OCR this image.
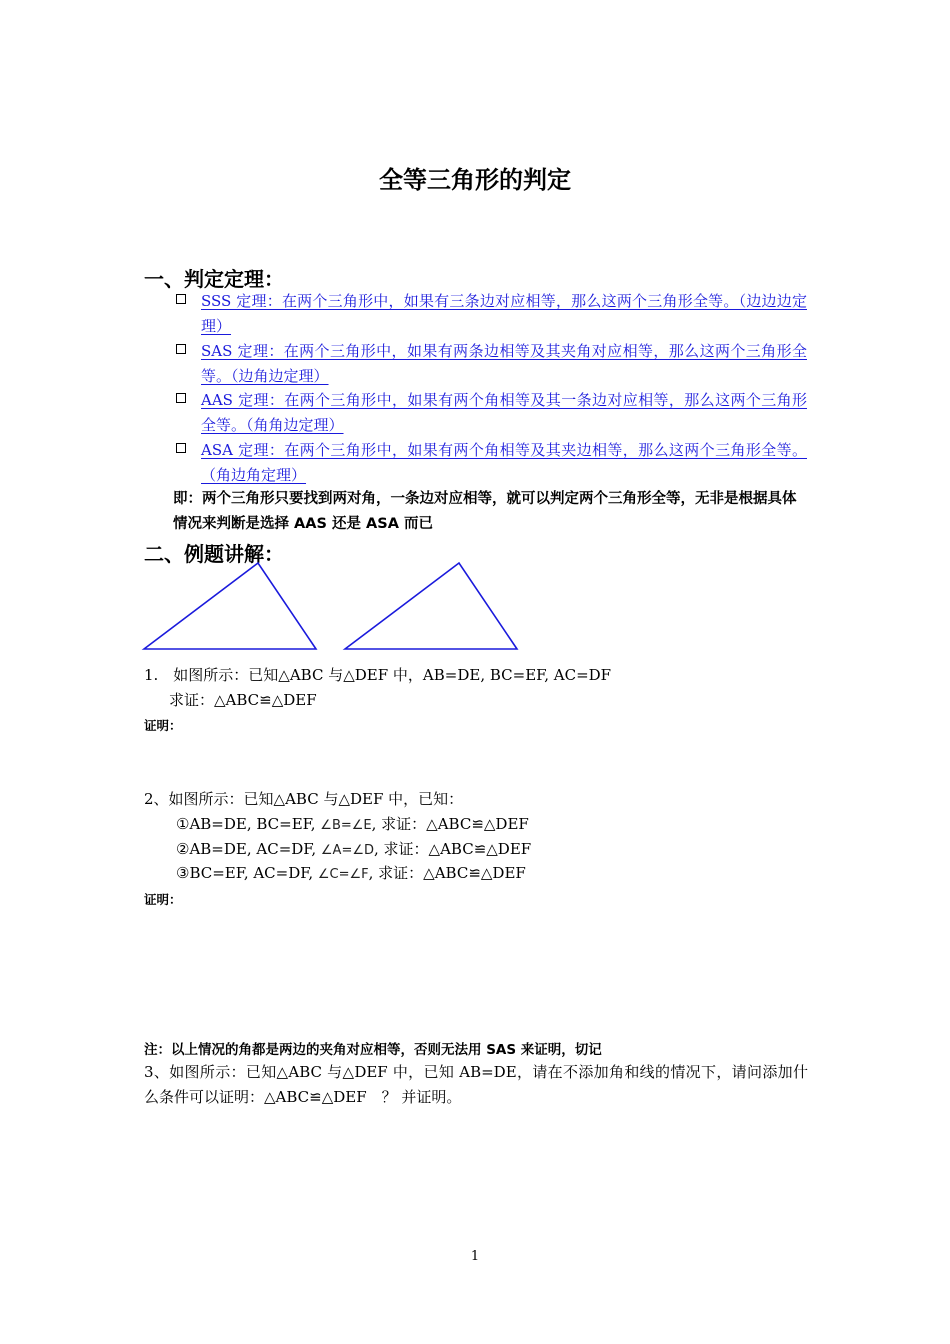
全等三角形的判定
一、判定定理：
SSS 定理：在两个三角形中，如果有三条边对应相等，那么这两个三角形全等。（边边边定理）
SAS 定理：在两个三角形中，如果有两条边相等及其夹角对应相等，那么这两个三角形全等。（边角边定理）
AAS 定理：在两个三角形中，如果有两个角相等及其一条边对应相等，那么这两个三角形全等。（角角边定理）
ASA 定理：在两个三角形中，如果有两个角相等及其夹边相等，那么这两个三角形全等。（角边角定理）
即：两个三角形只要找到两对角，一条边对应相等，就可以判定两个三角形全等，无非是根据具体情况来判断是选择 AAS 还是 ASA 而已
二、例题讲解：
1.　如图所示：已知△ABC 与△DEF 中，AB=DE, BC=EF, AC=DF
求证：△ABC≌△DEF
证明：
2、如图所示：已知△ABC 与△DEF 中，已知：
①AB=DE, BC=EF, ∠B=∠E, 求证：△ABC≌△DEF
②AB=DE, AC=DF, ∠A=∠D, 求证：△ABC≌△DEF
③BC=EF, AC=DF, ∠C=∠F, 求证：△ABC≌△DEF
证明：
注：以上情况的角都是两边的夹角对应相等，否则无法用 SAS 来证明，切记
3、如图所示：已知△ABC 与△DEF 中，已知 AB=DE，请在不添加角和线的情况下，请问添加什么条件可以证明：△ABC≌△DEF　？ 并证明。
1
